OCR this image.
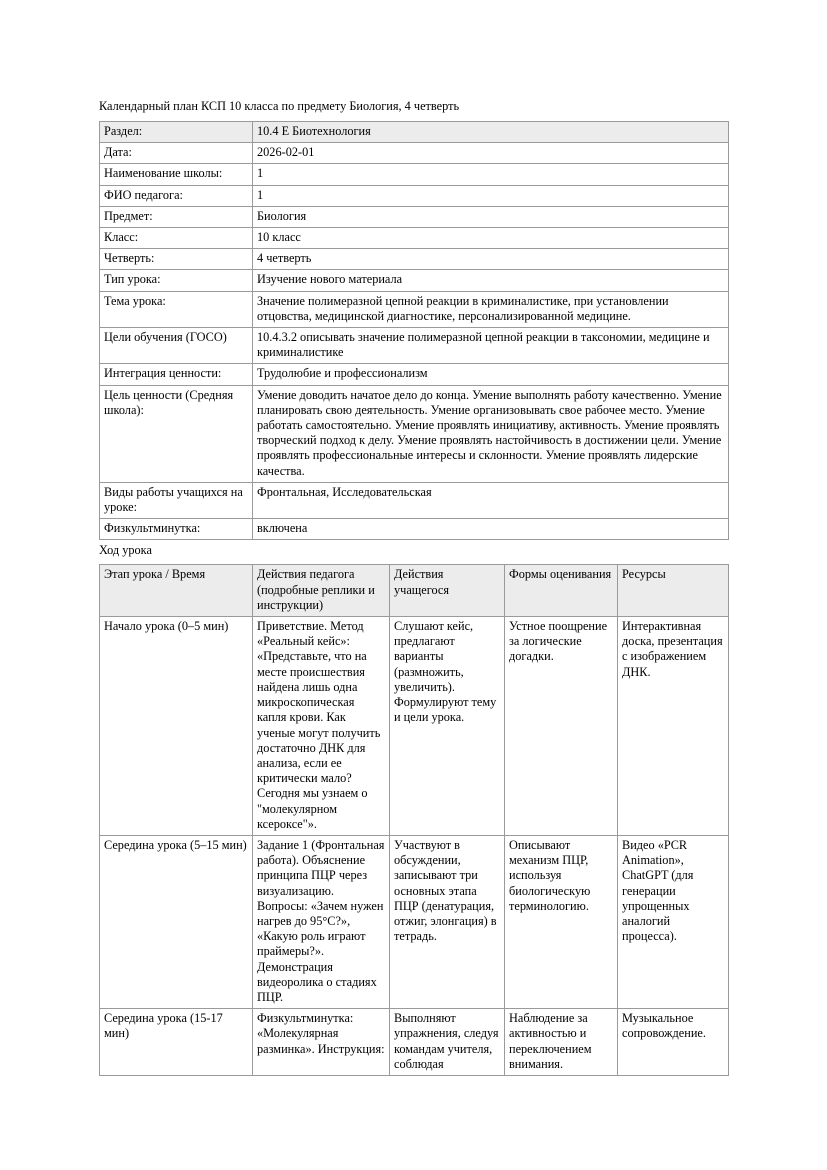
Календарный план КСП 10 класса по предмету Биология, 4 четверть

Раздел:	10.4 E Биотехнология
Дата:	2026-02-01
Наименование школы:	1
ФИО педагога:	1
Предмет:	Биология
Класс:	10 класс
Четверть:	4 четверть
Тип урока:	Изучение нового материала
Тема урока:	Значение полимеразной цепной реакции в криминалистике, при установлении отцовства, медицинской диагностике, персонализированной медицине.
Цели обучения (ГОСО)	10.4.3.2 описывать значение полимеразной цепной реакции в таксономии, медицине и криминалистике
Интеграция ценности:	Трудолюбие и профессионализм
Цель ценности (Средняя школа):	Умение доводить начатое дело до конца. Умение выполнять работу качественно. Умение планировать свою деятельность. Умение организовывать свое рабочее место. Умение работать самостоятельно. Умение проявлять инициативу, активность. Умение проявлять творческий подход к делу. Умение проявлять настойчивость в достижении цели. Умение проявлять профессиональные интересы и склонности. Умение проявлять лидерские качества.
Виды работы учащихся на уроке:	Фронтальная, Исследовательская
Физкультминутка:	включена

Ход урока

Этап урока / Время	Действия педагога (подробные реплики и инструкции)	Действия учащегося	Формы оценивания	Ресурсы
Начало урока (0–5 мин)	Приветствие. Метод «Реальный кейс»: «Представьте, что на месте происшествия найдена лишь одна микроскопическая капля крови. Как ученые могут получить достаточно ДНК для анализа, если ее критически мало? Сегодня мы узнаем о "молекулярном ксероксе"».	Слушают кейс, предлагают варианты (размножить, увеличить). Формулируют тему и цели урока.	Устное поощрение за логические догадки.	Интерактивная доска, презентация с изображением ДНК.
Середина урока (5–15 мин)	Задание 1 (Фронтальная работа). Объяснение принципа ПЦР через визуализацию. Вопросы: «Зачем нужен нагрев до 95°C?», «Какую роль играют праймеры?». Демонстрация видеоролика о стадиях ПЦР.	Участвуют в обсуждении, записывают три основных этапа ПЦР (денатурация, отжиг, элонгация) в тетрадь.	Описывают механизм ПЦР, используя биологическую терминологию.	Видео «PCR Animation», ChatGPT (для генерации упрощенных аналогий процесса).
Середина урока (15-17 мин)	Физкультминутка: «Молекулярная разминка». Инструкция:	Выполняют упражнения, следуя командам учителя, соблюдая	Наблюдение за активностью и переключением внимания.	Музыкальное сопровождение.
